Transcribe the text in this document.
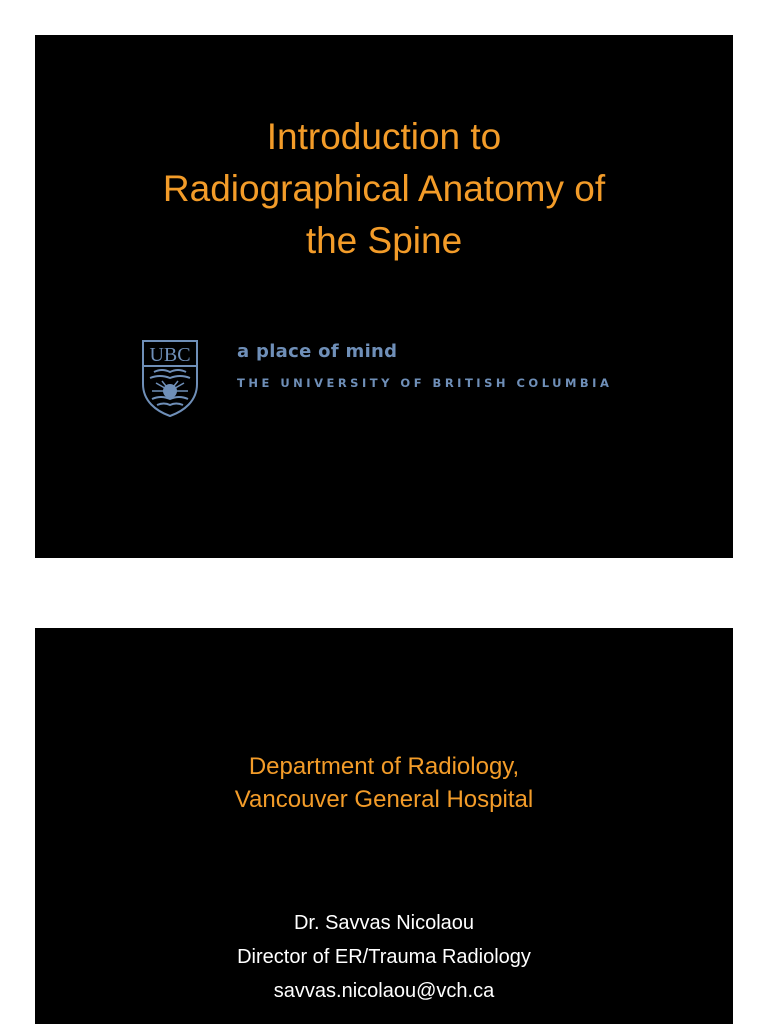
Introduction to
Radiographical Anatomy of
the Spine
UBC	a place of mind
THE UNIVERSITY OF BRITISH COLUMBIA
Department of Radiology,
Vancouver General Hospital
Dr. Savvas Nicolaou
Director of ER/Trauma Radiology
savvas.nicolaou@vch.ca
